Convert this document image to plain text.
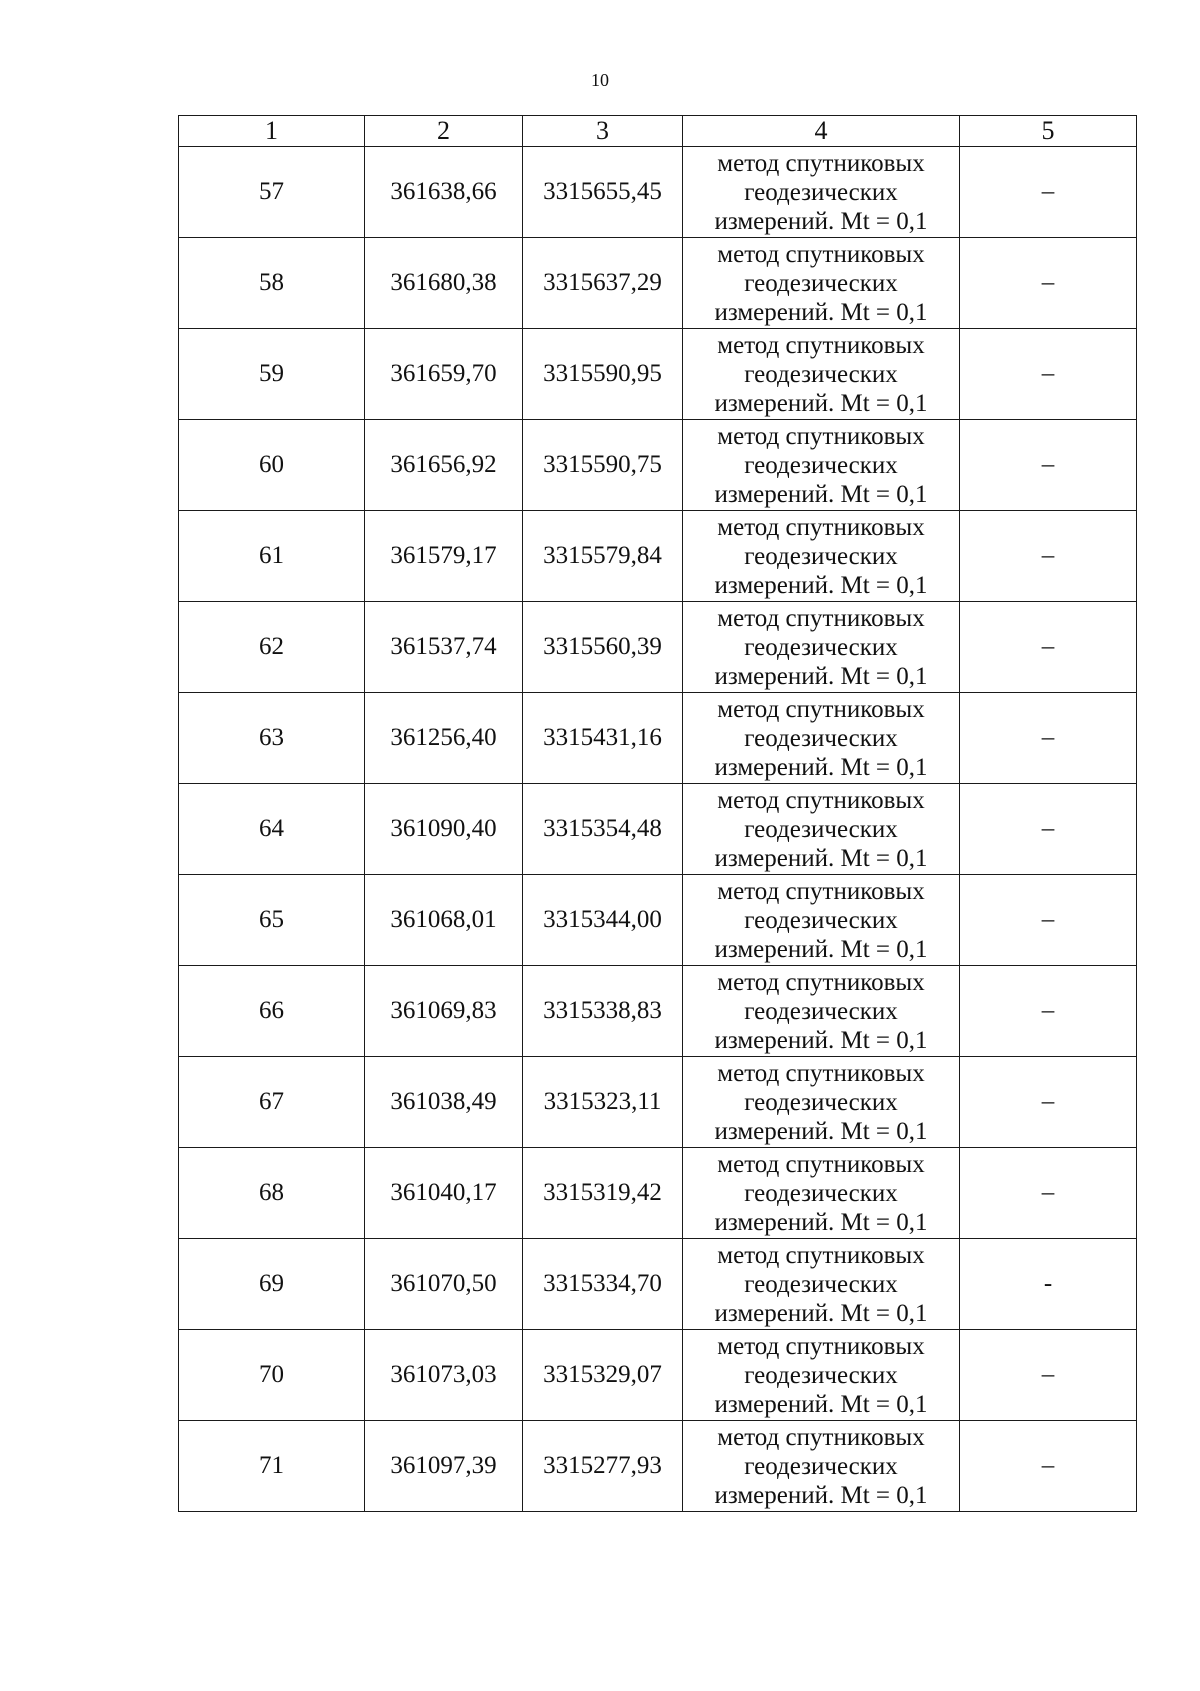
10
1	2	3	4	5
57	361638,66	3315655,45	метод спутниковых
геодезических
измерений. Mt = 0,1	–
58	361680,38	3315637,29	метод спутниковых
геодезических
измерений. Mt = 0,1	–
59	361659,70	3315590,95	метод спутниковых
геодезических
измерений. Mt = 0,1	–
60	361656,92	3315590,75	метод спутниковых
геодезических
измерений. Mt = 0,1	–
61	361579,17	3315579,84	метод спутниковых
геодезических
измерений. Mt = 0,1	–
62	361537,74	3315560,39	метод спутниковых
геодезических
измерений. Mt = 0,1	–
63	361256,40	3315431,16	метод спутниковых
геодезических
измерений. Mt = 0,1	–
64	361090,40	3315354,48	метод спутниковых
геодезических
измерений. Mt = 0,1	–
65	361068,01	3315344,00	метод спутниковых
геодезических
измерений. Mt = 0,1	–
66	361069,83	3315338,83	метод спутниковых
геодезических
измерений. Mt = 0,1	–
67	361038,49	3315323,11	метод спутниковых
геодезических
измерений. Mt = 0,1	–
68	361040,17	3315319,42	метод спутниковых
геодезических
измерений. Mt = 0,1	–
69	361070,50	3315334,70	метод спутниковых
геодезических
измерений. Mt = 0,1	-
70	361073,03	3315329,07	метод спутниковых
геодезических
измерений. Mt = 0,1	–
71	361097,39	3315277,93	метод спутниковых
геодезических
измерений. Mt = 0,1	–
